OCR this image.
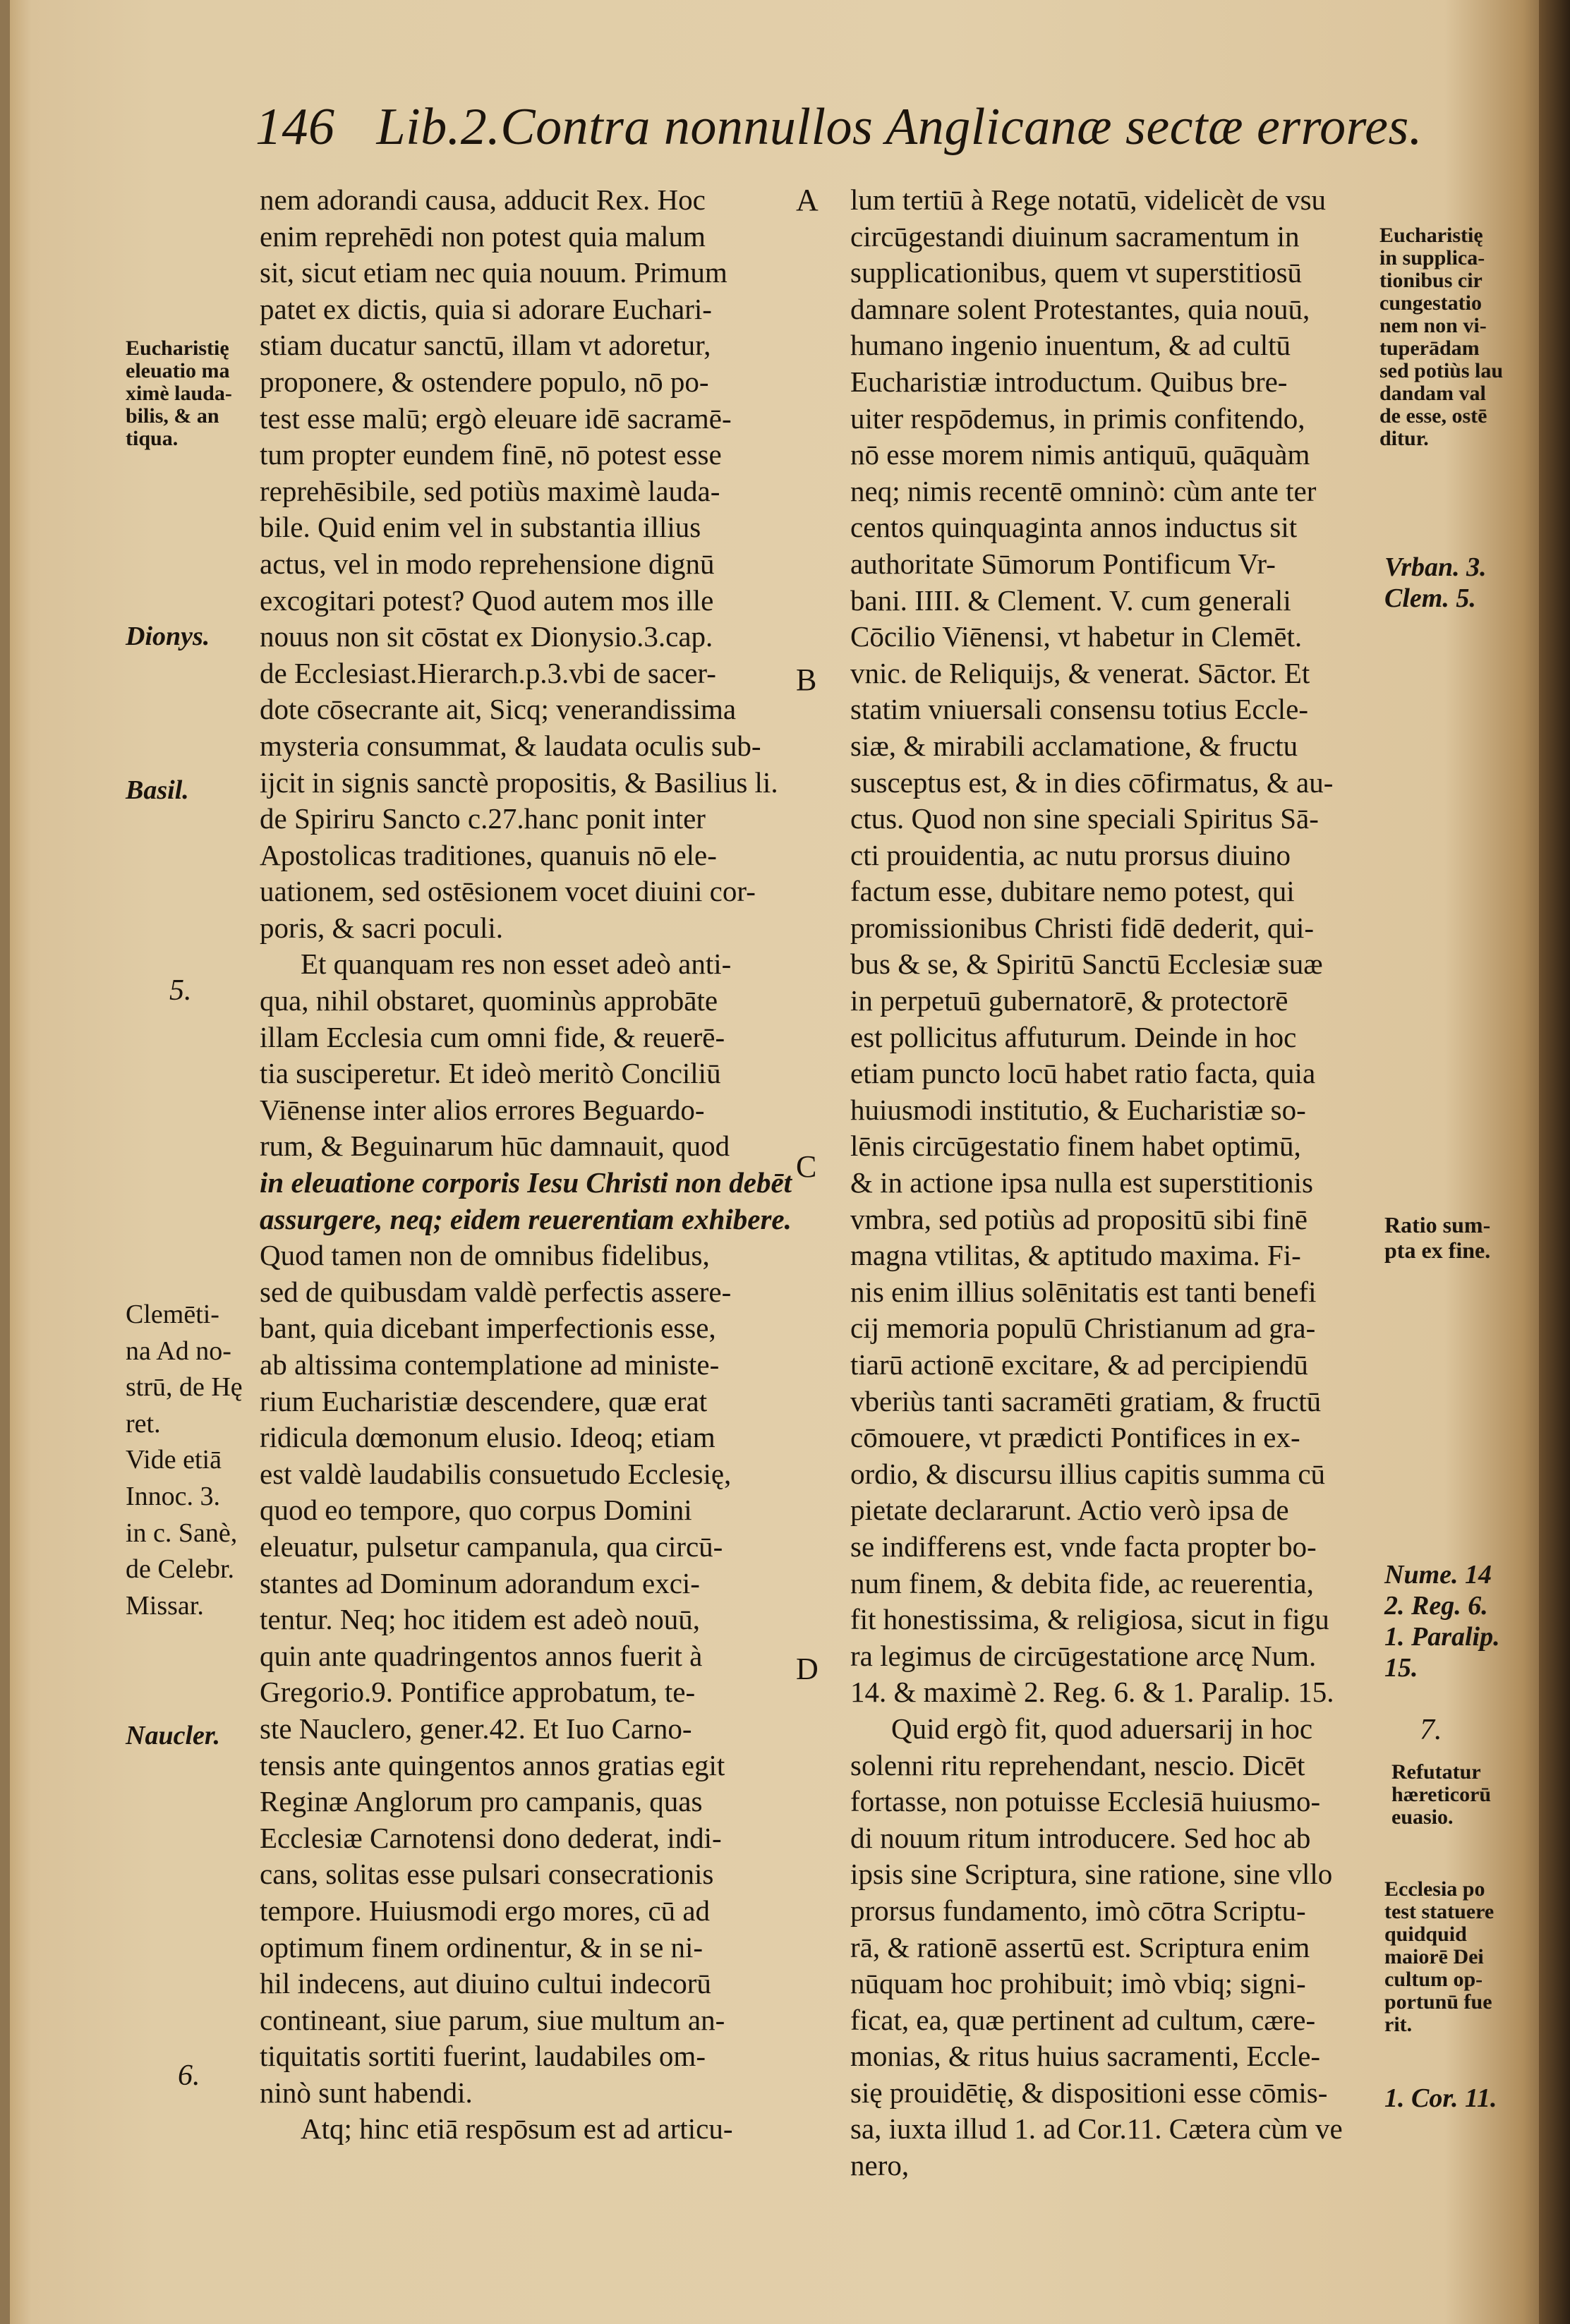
146 Lib.2.Contra nonnullos Anglicanæ sectæ errores.
A
B
C
D
nem adorandi causa, adducit Rex. Hoc
enim reprehēdi non potest quia malum
sit, sicut etiam nec quia nouum. Primum
patet ex dictis, quia si adorare Euchari-
stiam ducatur sanctū, illam vt adoretur,
proponere, & ostendere populo, nō po-
test esse malū; ergò eleuare idē sacramē-
tum propter eundem finē, nō potest esse
reprehēsibile, sed potiùs maximè lauda-
bile. Quid enim vel in substantia illius
actus, vel in modo reprehensione dignū
excogitari potest? Quod autem mos ille
nouus non sit cōstat ex Dionysio.3.cap.
de Ecclesiast.Hierarch.p.3.vbi de sacer-
dote cōsecrante ait, Sicq; venerandissima
mysteria consummat, & laudata oculis sub-
ijcit in signis sanctè propositis, & Basilius li.
de Spiriru Sancto c.27.hanc ponit inter
Apostolicas traditiones, quanuis nō ele-
uationem, sed ostēsionem vocet diuini cor-
poris, & sacri poculi.
Et quanquam res non esset adeò anti-
qua, nihil obstaret, quominùs approbāte
illam Ecclesia cum omni fide, & reuerē-
tia susciperetur. Et ideò meritò Conciliū
Viēnense inter alios errores Beguardo-
rum, & Beguinarum hūc damnauit, quod
in eleuatione corporis Iesu Christi non debēt
assurgere, neq; eidem reuerentiam exhibere.
Quod tamen non de omnibus fidelibus,
sed de quibusdam valdè perfectis assere-
bant, quia dicebant imperfectionis esse,
ab altissima contemplatione ad ministe-
rium Eucharistiæ descendere, quæ erat
ridicula dœmonum elusio. Ideoq; etiam
est valdè laudabilis consuetudo Ecclesię,
quod eo tempore, quo corpus Domini
eleuatur, pulsetur campanula, qua circū-
stantes ad Dominum adorandum exci-
tentur. Neq; hoc itidem est adeò nouū,
quin ante quadringentos annos fuerit à
Gregorio.9. Pontifice approbatum, te-
ste Nauclero, gener.42. Et Iuo Carno-
tensis ante quingentos annos gratias egit
Reginæ Anglorum pro campanis, quas
Ecclesiæ Carnotensi dono dederat, indi-
cans, solitas esse pulsari consecrationis
tempore. Huiusmodi ergo mores, cū ad
optimum finem ordinentur, & in se ni-
hil indecens, aut diuino cultui indecorū
contineant, siue parum, siue multum an-
tiquitatis sortiti fuerint, laudabiles om-
ninò sunt habendi.
Atq; hinc etiā respōsum est ad articu-
lum tertiū à Rege notatū, videlicèt de vsu
circūgestandi diuinum sacramentum in
supplicationibus, quem vt superstitiosū
damnare solent Protestantes, quia nouū,
humano ingenio inuentum, & ad cultū
Eucharistiæ introductum. Quibus bre-
uiter respōdemus, in primis confitendo,
nō esse morem nimis antiquū, quāquàm
neq; nimis recentē omninò: cùm ante ter
centos quinquaginta annos inductus sit
authoritate Sūmorum Pontificum Vr-
bani. IIII. & Clement. V. cum generali
Cōcilio Viēnensi, vt habetur in Clemēt.
vnic. de Reliquijs, & venerat. Sāctor. Et
statim vniuersali consensu totius Eccle-
siæ, & mirabili acclamatione, & fructu
susceptus est, & in dies cōfirmatus, & au-
ctus. Quod non sine speciali Spiritus Sā-
cti prouidentia, ac nutu prorsus diuino
factum esse, dubitare nemo potest, qui
promissionibus Christi fidē dederit, qui-
bus & se, & Spiritū Sanctū Ecclesiæ suæ
in perpetuū gubernatorē, & protectorē
est pollicitus affuturum. Deinde in hoc
etiam puncto locū habet ratio facta, quia
huiusmodi institutio, & Eucharistiæ so-
lēnis circūgestatio finem habet optimū,
& in actione ipsa nulla est superstitionis
vmbra, sed potiùs ad propositū sibi finē
magna vtilitas, & aptitudo maxima. Fi-
nis enim illius solēnitatis est tanti benefi
cij memoria populū Christianum ad gra-
tiarū actionē excitare, & ad percipiendū
vberiùs tanti sacramēti gratiam, & fructū
cōmouere, vt prædicti Pontifices in ex-
ordio, & discursu illius capitis summa cū
pietate declararunt. Actio verò ipsa de
se indifferens est, vnde facta propter bo-
num finem, & debita fide, ac reuerentia,
fit honestissima, & religiosa, sicut in figu
ra legimus de circūgestatione arcę Num.
14. & maximè 2. Reg. 6. & 1. Paralip. 15.
Quid ergò fit, quod aduersarij in hoc
solenni ritu reprehendant, nescio. Dicēt
fortasse, non potuisse Ecclesiā huiusmo-
di nouum ritum introducere. Sed hoc ab
ipsis sine Scriptura, sine ratione, sine vllo
prorsus fundamento, imò cōtra Scriptu-
rā, & rationē assertū est. Scriptura enim
nūquam hoc prohibuit; imò vbiq; signi-
ficat, ea, quæ pertinent ad cultum, cære-
monias, & ritus huius sacramenti, Eccle-
się prouidētię, & dispositioni esse cōmis-
sa, iuxta illud 1. ad Cor.11. Cætera cùm ve
nero,
Eucharistię
eleuatio ma
ximè lauda-
bilis, & an
tiqua.
Dionys.
Basil.
5.
Clemēti-
na Ad no-
strū, de Hę
ret.
Vide etiā
Innoc. 3.
in c. Sanè,
de Celebr.
Missar.
Naucler.
6.
Eucharistię
in supplica-
tionibus cir
cungestatio
nem non vi-
tuperādam
sed potiùs lau
dandam val
de esse, ostē
ditur.
Vrban. 3.
Clem. 5.
Ratio sum-
pta ex fine.
Nume. 14
2. Reg. 6.
1. Paralip.
15.
7.
Refutatur
hæreticorū
euasio.
Ecclesia po
test statuere
quidquid
maiorē Dei
cultum op-
portunū fue
rit.
1. Cor. 11.
